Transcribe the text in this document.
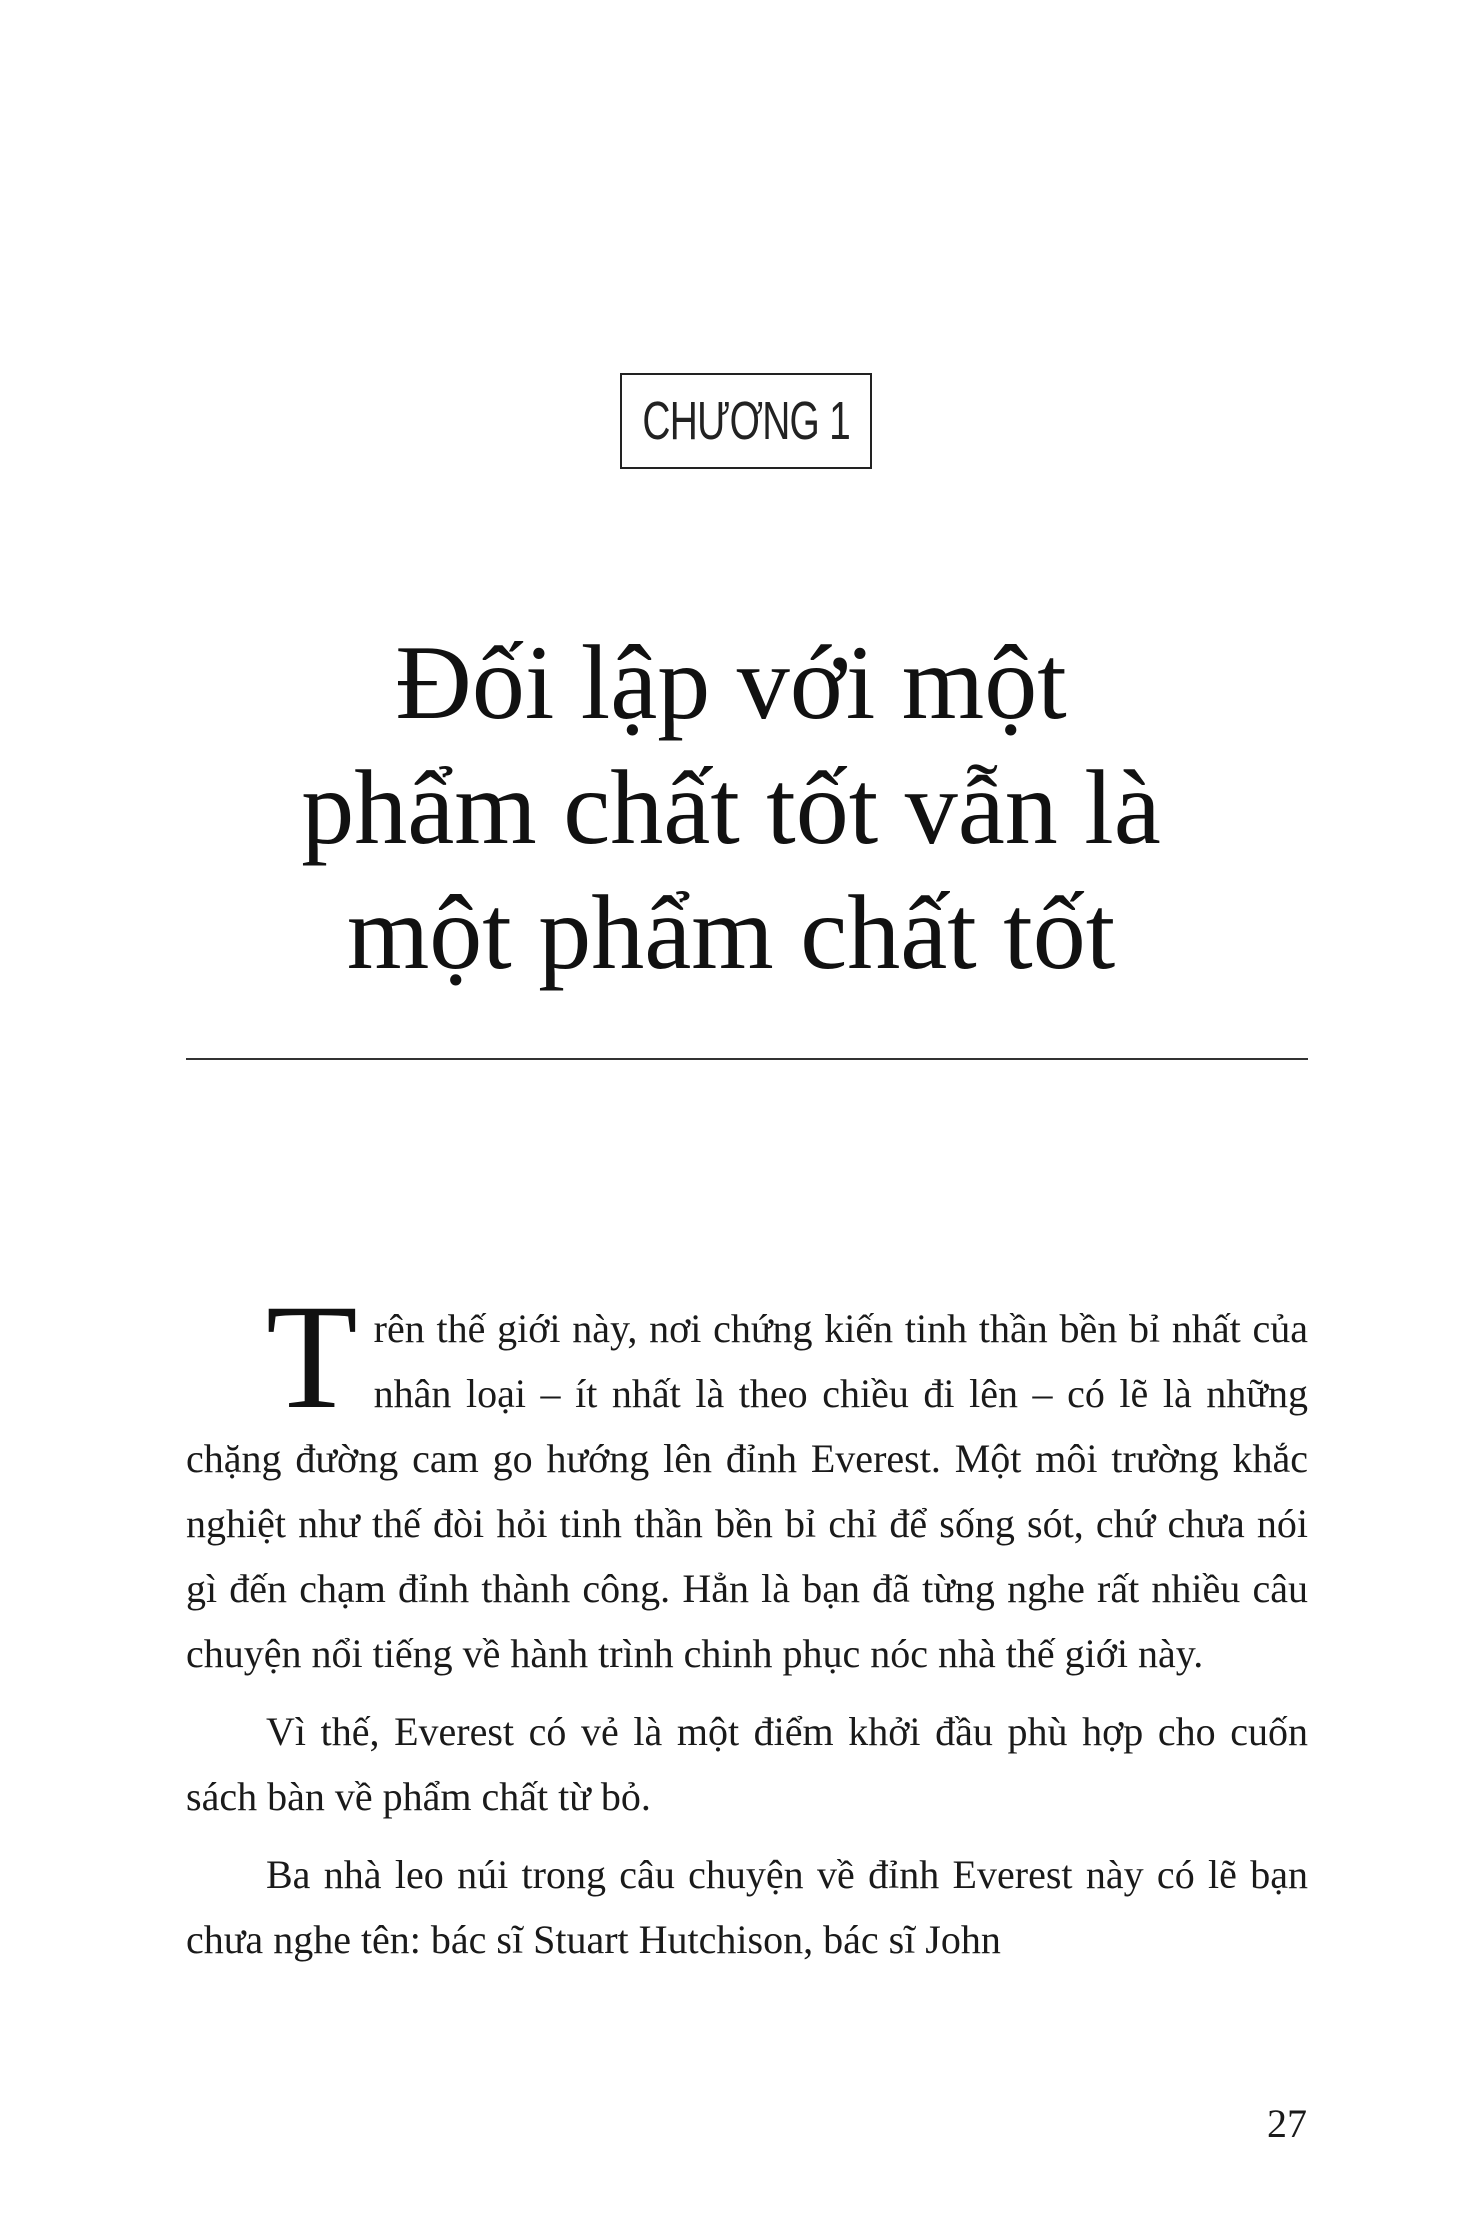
CHƯƠNG 1
Đối lập với một
phẩm chất tốt vẫn là
một phẩm chất tốt

Trên thế giới này, nơi chứng kiến tinh thần bền bỉ nhất của nhân loại – ít nhất là theo chiều đi lên – có lẽ là những chặng đường cam go hướng lên đỉnh Everest. Một môi trường khắc nghiệt như thế đòi hỏi tinh thần bền bỉ chỉ để sống sót, chứ chưa nói gì đến chạm đỉnh thành công. Hẳn là bạn đã từng nghe rất nhiều câu chuyện nổi tiếng về hành trình chinh phục nóc nhà thế giới này.

Vì thế, Everest có vẻ là một điểm khởi đầu phù hợp cho cuốn sách bàn về phẩm chất từ bỏ.

Ba nhà leo núi trong câu chuyện về đỉnh Everest này có lẽ bạn chưa nghe tên: bác sĩ Stuart Hutchison, bác sĩ John

27
